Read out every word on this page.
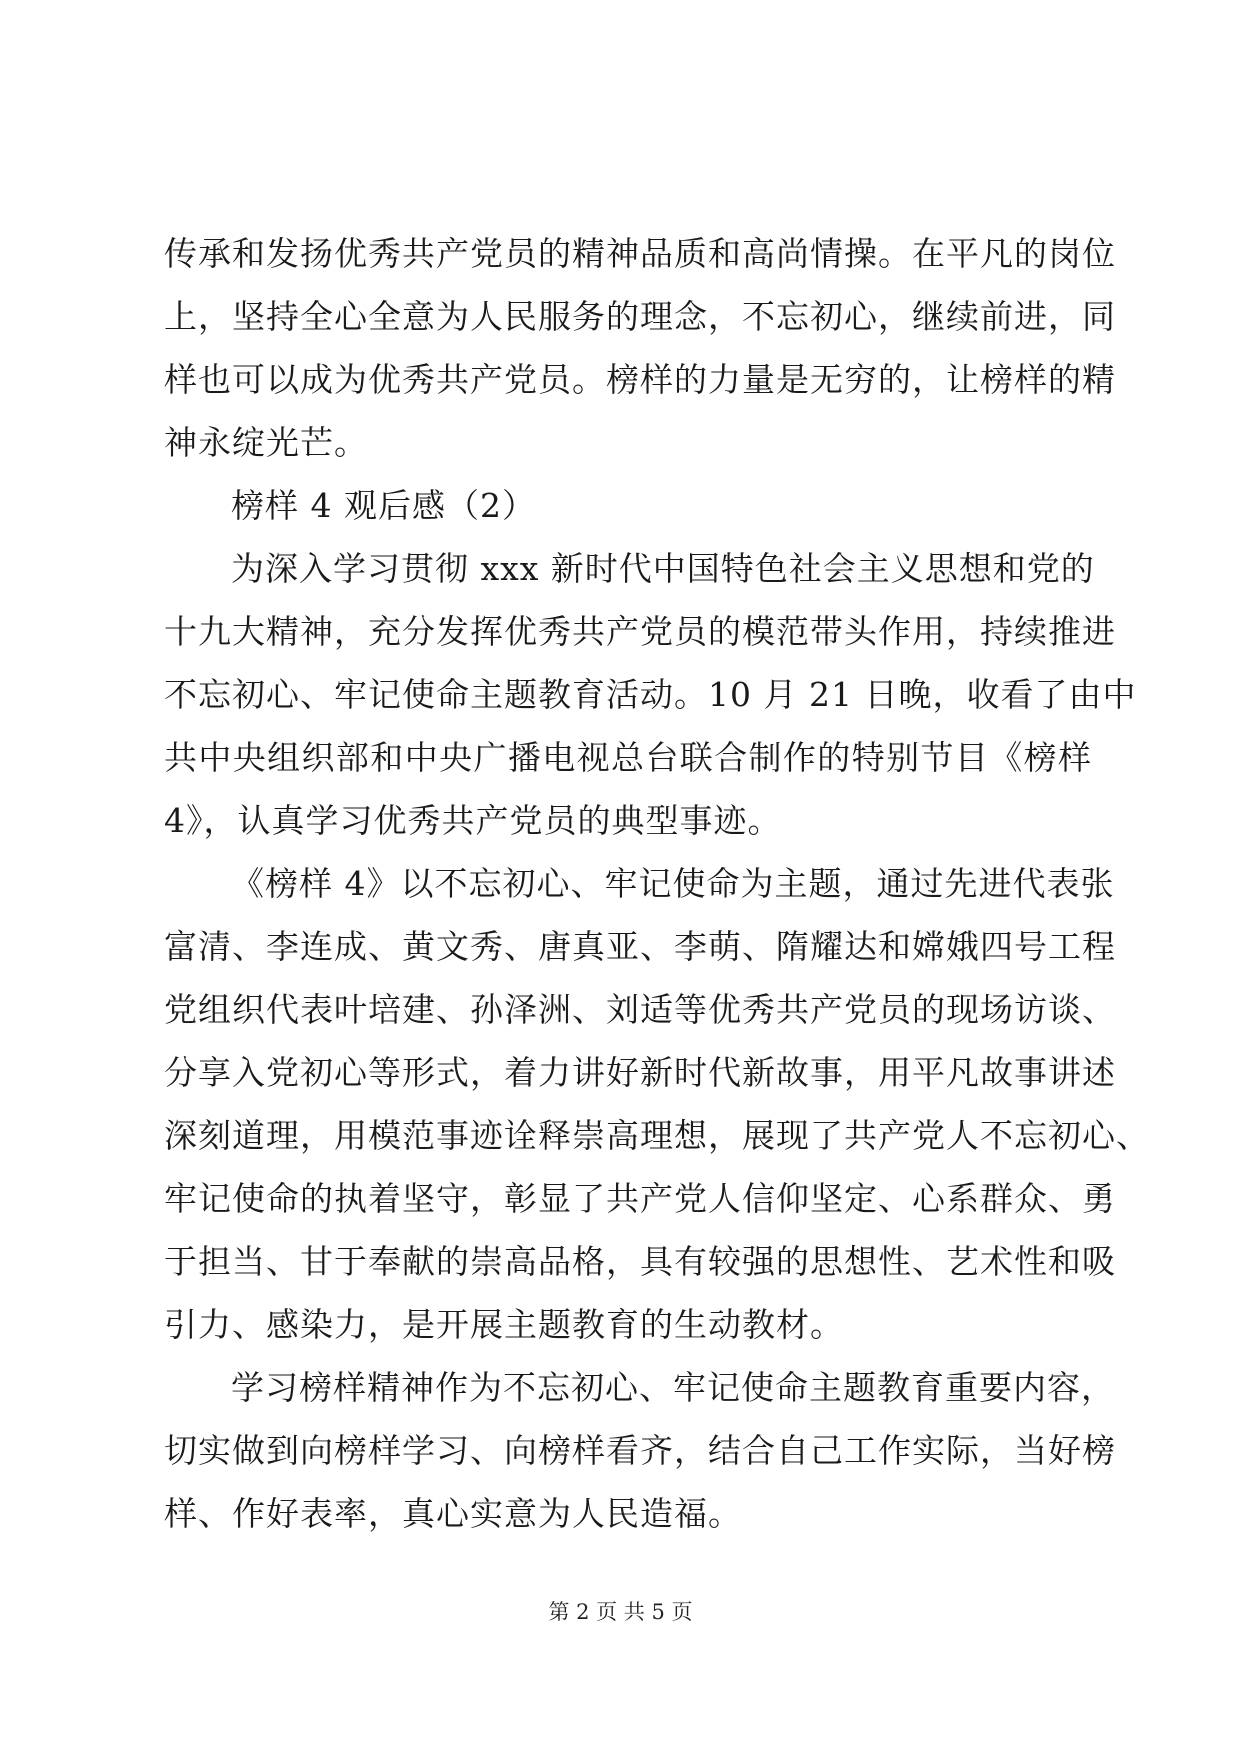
传承和发扬优秀共产党员的精神品质和高尚情操。在平凡的岗位
上，坚持全心全意为人民服务的理念，不忘初心，继续前进，同
样也可以成为优秀共产党员。榜样的力量是无穷的，让榜样的精
神永绽光芒。
榜样 4 观后感（2）
为深入学习贯彻 xxx 新时代中国特色社会主义思想和党的
十九大精神，充分发挥优秀共产党员的模范带头作用，持续推进
不忘初心、牢记使命主题教育活动。10 月 21 日晚，收看了由中
共中央组织部和中央广播电视总台联合制作的特别节目《榜样
4》，认真学习优秀共产党员的典型事迹。
《榜样 4》以不忘初心、牢记使命为主题，通过先进代表张
富清、李连成、黄文秀、唐真亚、李萌、隋耀达和嫦娥四号工程
党组织代表叶培建、孙泽洲、刘适等优秀共产党员的现场访谈、
分享入党初心等形式，着力讲好新时代新故事，用平凡故事讲述
深刻道理，用模范事迹诠释崇高理想，展现了共产党人不忘初心、
牢记使命的执着坚守，彰显了共产党人信仰坚定、心系群众、勇
于担当、甘于奉献的崇高品格，具有较强的思想性、艺术性和吸
引力、感染力，是开展主题教育的生动教材。
学习榜样精神作为不忘初心、牢记使命主题教育重要内容，
切实做到向榜样学习、向榜样看齐，结合自己工作实际，当好榜
样、作好表率，真心实意为人民造福。
第 2 页 共 5 页
